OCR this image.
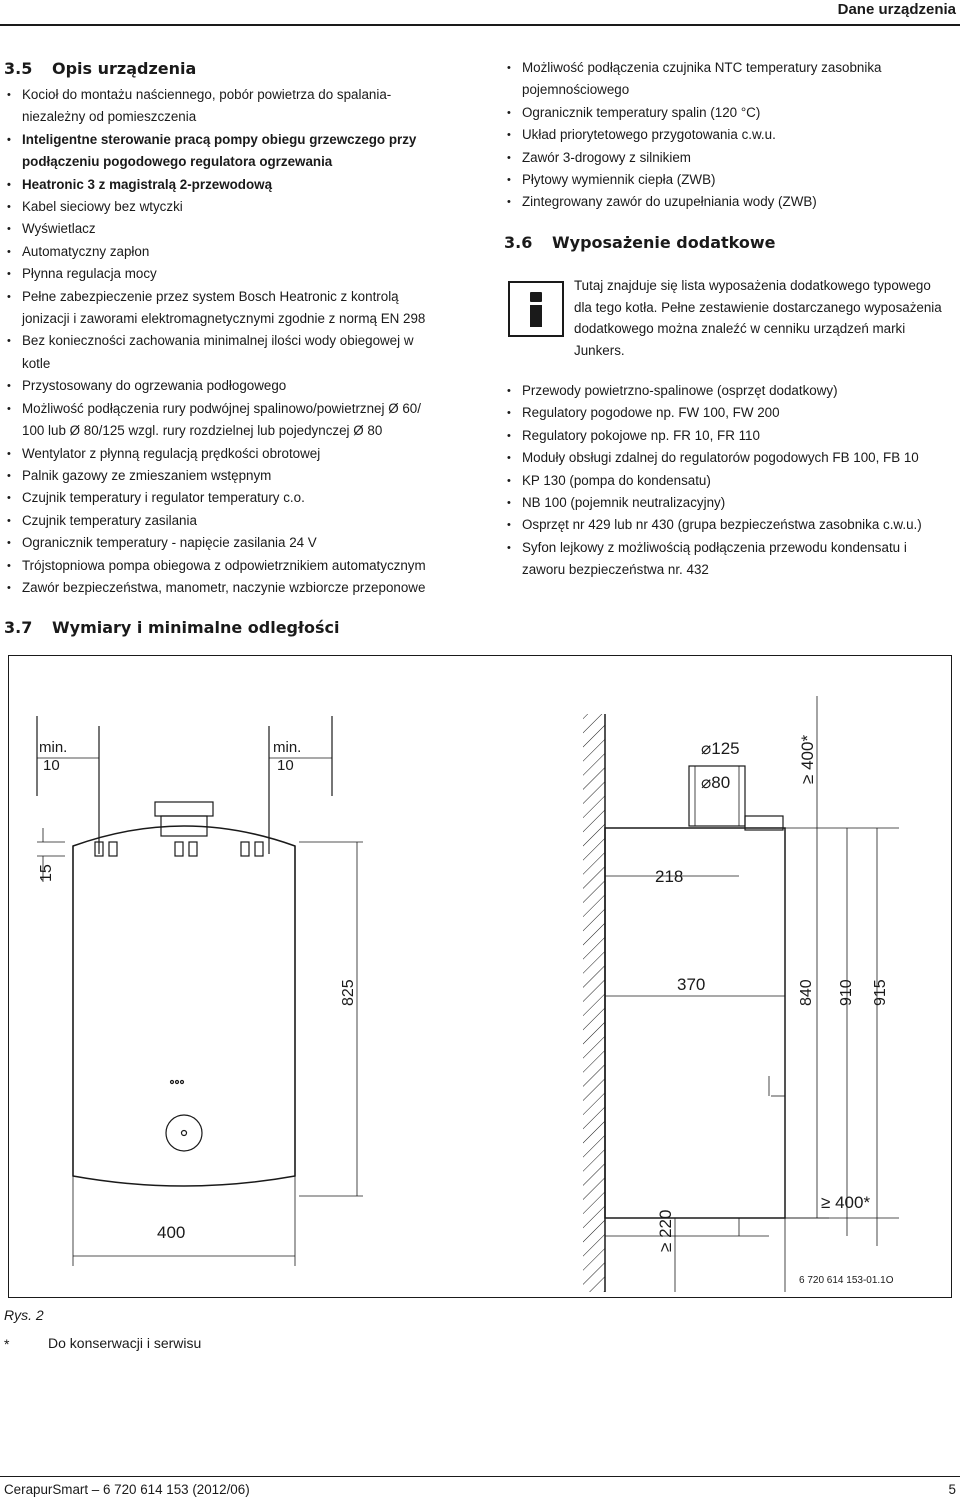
Dane urządzenia
3.5 Opis urządzenia
• Kocioł do montażu naściennego, pobór powietrza do spalania-
niezależny od pomieszczenia
• Inteligentne sterowanie pracą pompy obiegu grzewczego przy
podłączeniu pogodowego regulatora ogrzewania
• Heatronic 3 z magistralą 2-przewodową
• Kabel sieciowy bez wtyczki
• Wyświetlacz
• Automatyczny zapłon
• Płynna regulacja mocy
• Pełne zabezpieczenie przez system Bosch Heatronic z kontrolą
jonizacji i zaworami elektromagnetycznymi zgodnie z normą EN 298
• Bez konieczności zachowania minimalnej ilości wody obiegowej w
kotle
• Przystosowany do ogrzewania podłogowego
• Możliwość podłączenia rury podwójnej spalinowo/powietrznej Ø 60/
100 lub Ø 80/125 wzgl. rury rozdzielnej lub pojedynczej Ø 80
• Wentylator z płynną regulacją prędkości obrotowej
• Palnik gazowy ze zmieszaniem wstępnym
• Czujnik temperatury i regulator temperatury c.o.
• Czujnik temperatury zasilania
• Ogranicznik temperatury - napięcie zasilania 24 V
• Trójstopniowa pompa obiegowa z odpowietrznikiem automatycznym
• Zawór bezpieczeństwa, manometr, naczynie wzbiorcze przeponowe
• Możliwość podłączenia czujnika NTC temperatury zasobnika
pojemnościowego
• Ogranicznik temperatury spalin (120 °C)
• Układ priorytetowego przygotowania c.w.u.
• Zawór 3-drogowy z silnikiem
• Płytowy wymiennik ciepła (ZWB)
• Zintegrowany zawór do uzupełniania wody (ZWB)
3.6 Wyposażenie dodatkowe
Tutaj znajduje się lista wyposażenia dodatkowego typowego dla tego kotła. Pełne zestawienie dostarczanego wyposażenia dodatkowego można znaleźć w cenniku urządzeń marki Junkers.
• Przewody powietrzno-spalinowe (osprzęt dodatkowy)
• Regulatory pogodowe np. FW 100, FW 200
• Regulatory pokojowe np. FR 10, FR 110
• Moduły obsługi zdalnej do regulatorów pogodowych FB 100, FB 10
• KP 130 (pompa do kondensatu)
• NB 100 (pojemnik neutralizacyjny)
• Osprzęt nr 429 lub nr 430 (grupa bezpieczeństwa zasobnika c.w.u.)
• Syfon lejkowy z możliwością podłączenia przewodu kondensatu i
zaworu bezpieczeństwa nr. 432
3.7 Wymiary i minimalne odległości
min.
10
min.
10
15
825
400
⌀125
⌀80	≥ 400*
218
370	840 910 915
≥ 220
≥ 400*
6 720 614 153-01.1O
Rys. 2
*	Do konserwacji i serwisu
CerapurSmart – 6 720 614 153 (2012/06)	5
